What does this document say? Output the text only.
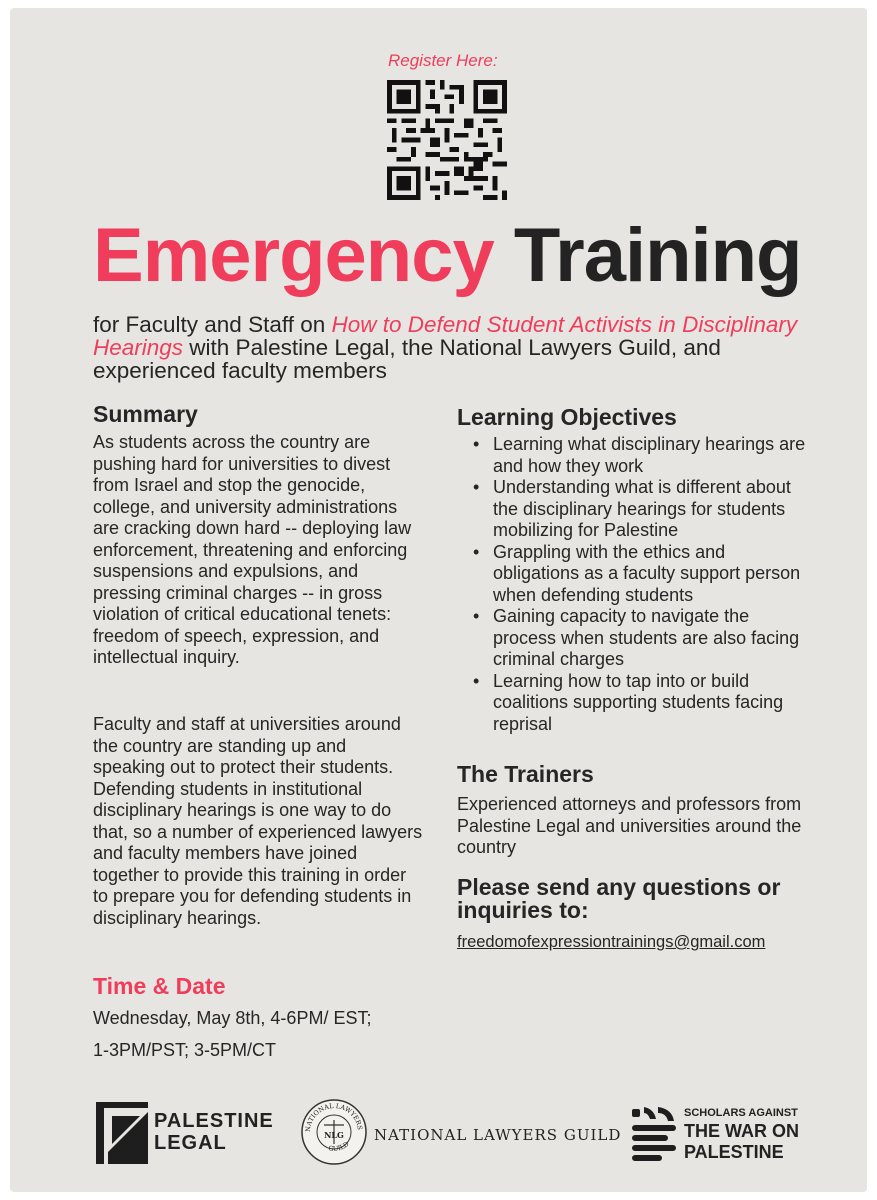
Register Here:
Emergency Training
for Faculty and Staff on How to Defend Student Activists in Disciplinary Hearings with Palestine Legal, the National Lawyers Guild, and experienced faculty members
Summary
As students across the country are pushing hard for universities to divest from Israel and stop the genocide, college, and university administrations are cracking down hard -- deploying law enforcement, threatening and enforcing suspensions and expulsions, and pressing criminal charges -- in gross violation of critical educational tenets: freedom of speech, expression, and intellectual inquiry.
Faculty and staff at universities around the country are standing up and speaking out to protect their students. Defending students in institutional disciplinary hearings is one way to do that, so a number of experienced lawyers and faculty members have joined together to provide this training in order to prepare you for defending students in disciplinary hearings.
Time & Date
Wednesday, May 8th, 4-6PM/ EST;
1-3PM/PST; 3-5PM/CT
Learning Objectives
• Learning what disciplinary hearings are and how they work
• Understanding what is different about the disciplinary hearings for students mobilizing for Palestine
• Grappling with the ethics and obligations as a faculty support person when defending students
• Gaining capacity to navigate the process when students are also facing criminal charges
• Learning how to tap into or build coalitions supporting students facing reprisal
The Trainers
Experienced attorneys and professors from Palestine Legal and universities around the country
Please send any questions or inquiries to:
freedomofexpressiontrainings@gmail.com
PALESTINE
LEGAL
NATIONAL LAWYERS
GUILD
NLG NATIONAL LAWYERS GUILD
SCHOLARS AGAINST
THE WAR ON
PALESTINE
